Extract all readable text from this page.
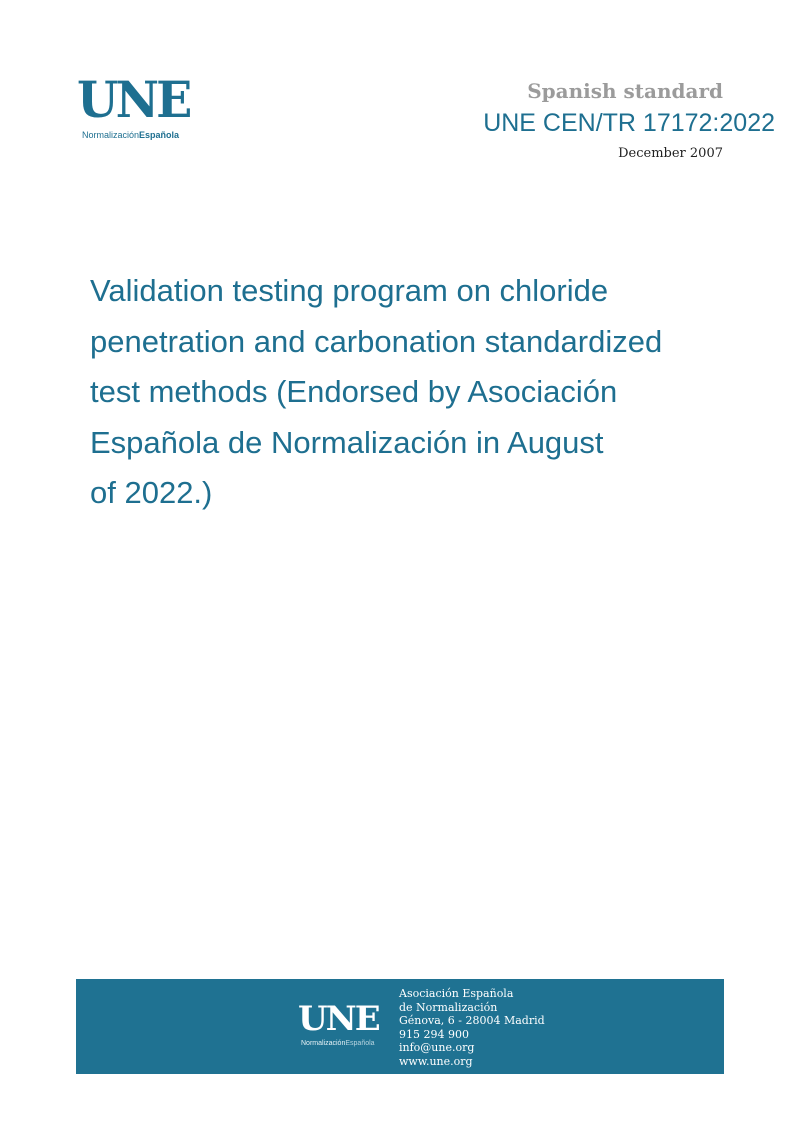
UNE
NormalizaciónEspañola
Spanish standard
UNE CEN/TR 17172:2022
December 2007
Validation testing program on chloride
penetration and carbonation standardized
test methods (Endorsed by Asociación
Española de Normalización in August
of 2022.)
UNE
NormalizaciónEspañola
Asociación Española
de Normalización
Génova, 6 - 28004 Madrid
915 294 900
info@une.org
www.une.org
